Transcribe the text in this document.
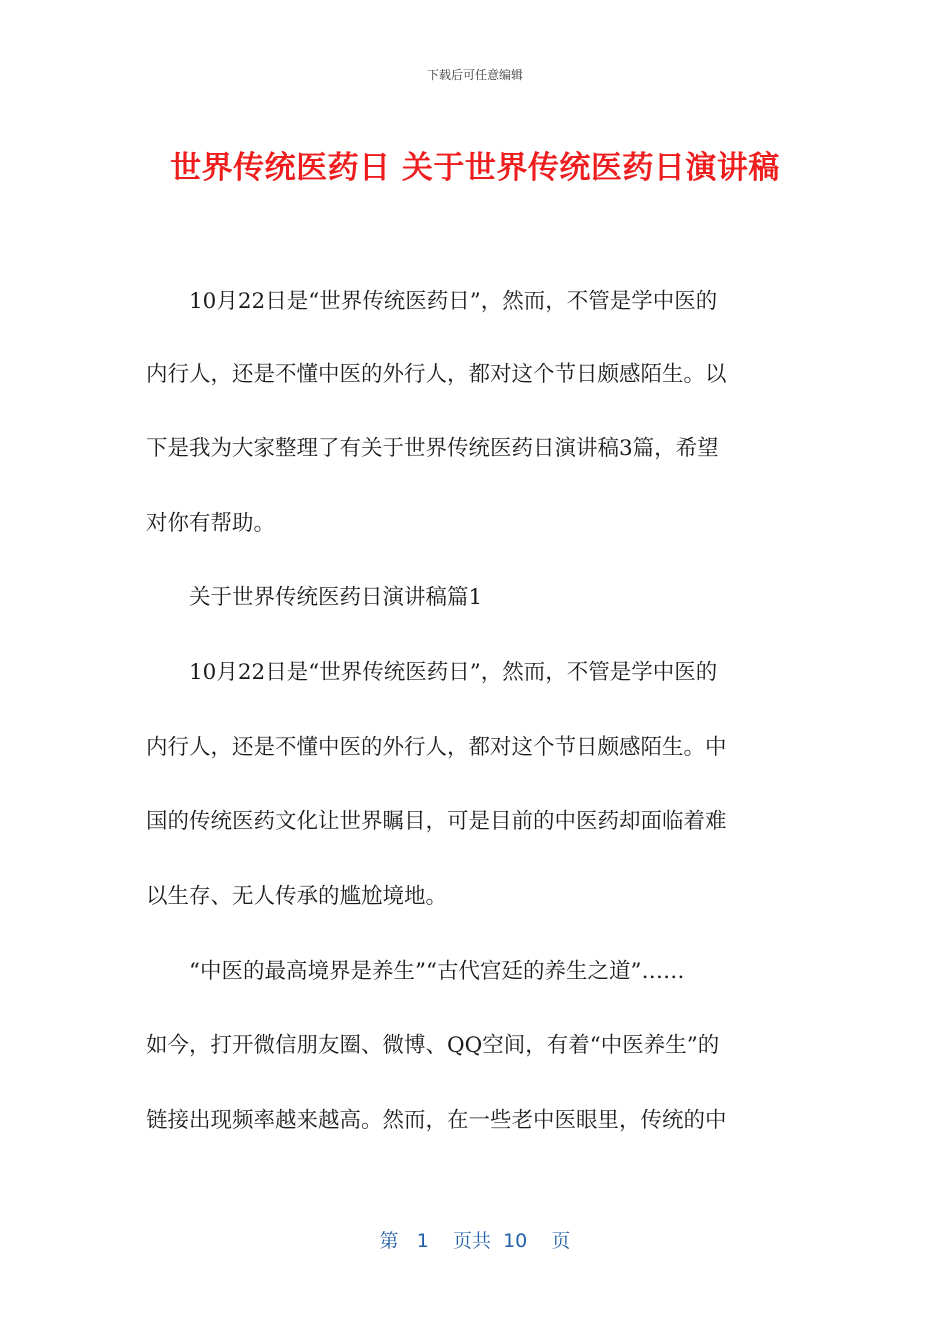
下载后可任意编辑
世界传统医药日 关于世界传统医药日演讲稿
　　10月22日是“世界传统医药日”，然而，不管是学中医的
内行人，还是不懂中医的外行人，都对这个节日颇感陌生。以
下是我为大家整理了有关于世界传统医药日演讲稿3篇，希望
对你有帮助。
　　关于世界传统医药日演讲稿篇1
　　10月22日是“世界传统医药日”，然而，不管是学中医的
内行人，还是不懂中医的外行人，都对这个节日颇感陌生。中
国的传统医药文化让世界瞩目，可是目前的中医药却面临着难
以生存、无人传承的尴尬境地。
　　“中医的最高境界是养生”“古代宫廷的养生之道”……
如今，打开微信朋友圈、微博、QQ空间，有着“中医养生”的
链接出现频率越来越高。然而，在一些老中医眼里，传统的中
第 1 页共 10 页
